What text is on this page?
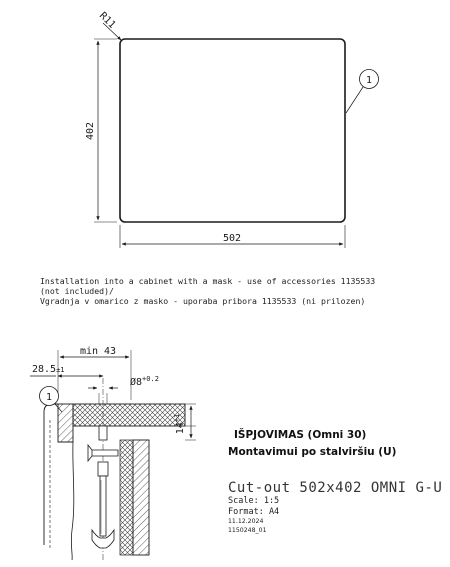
402
502
R11
1
min 43
28.5±1
$Ø8^{+0.2}$
$14^{+1}$
1
Installation into a cabinet with a mask - use of accessories 1135533
(not included)/
Vgradnja v omarico z masko - uporaba pribora 1135533 (ni prilozen)
IŠPJOVIMAS (Omni 30)
Montavimui po stalviršiu (U)
Cut-out 502x402 OMNI G-U
Scale: 1:5
Format: A4
11.12.2024
1150248_01
